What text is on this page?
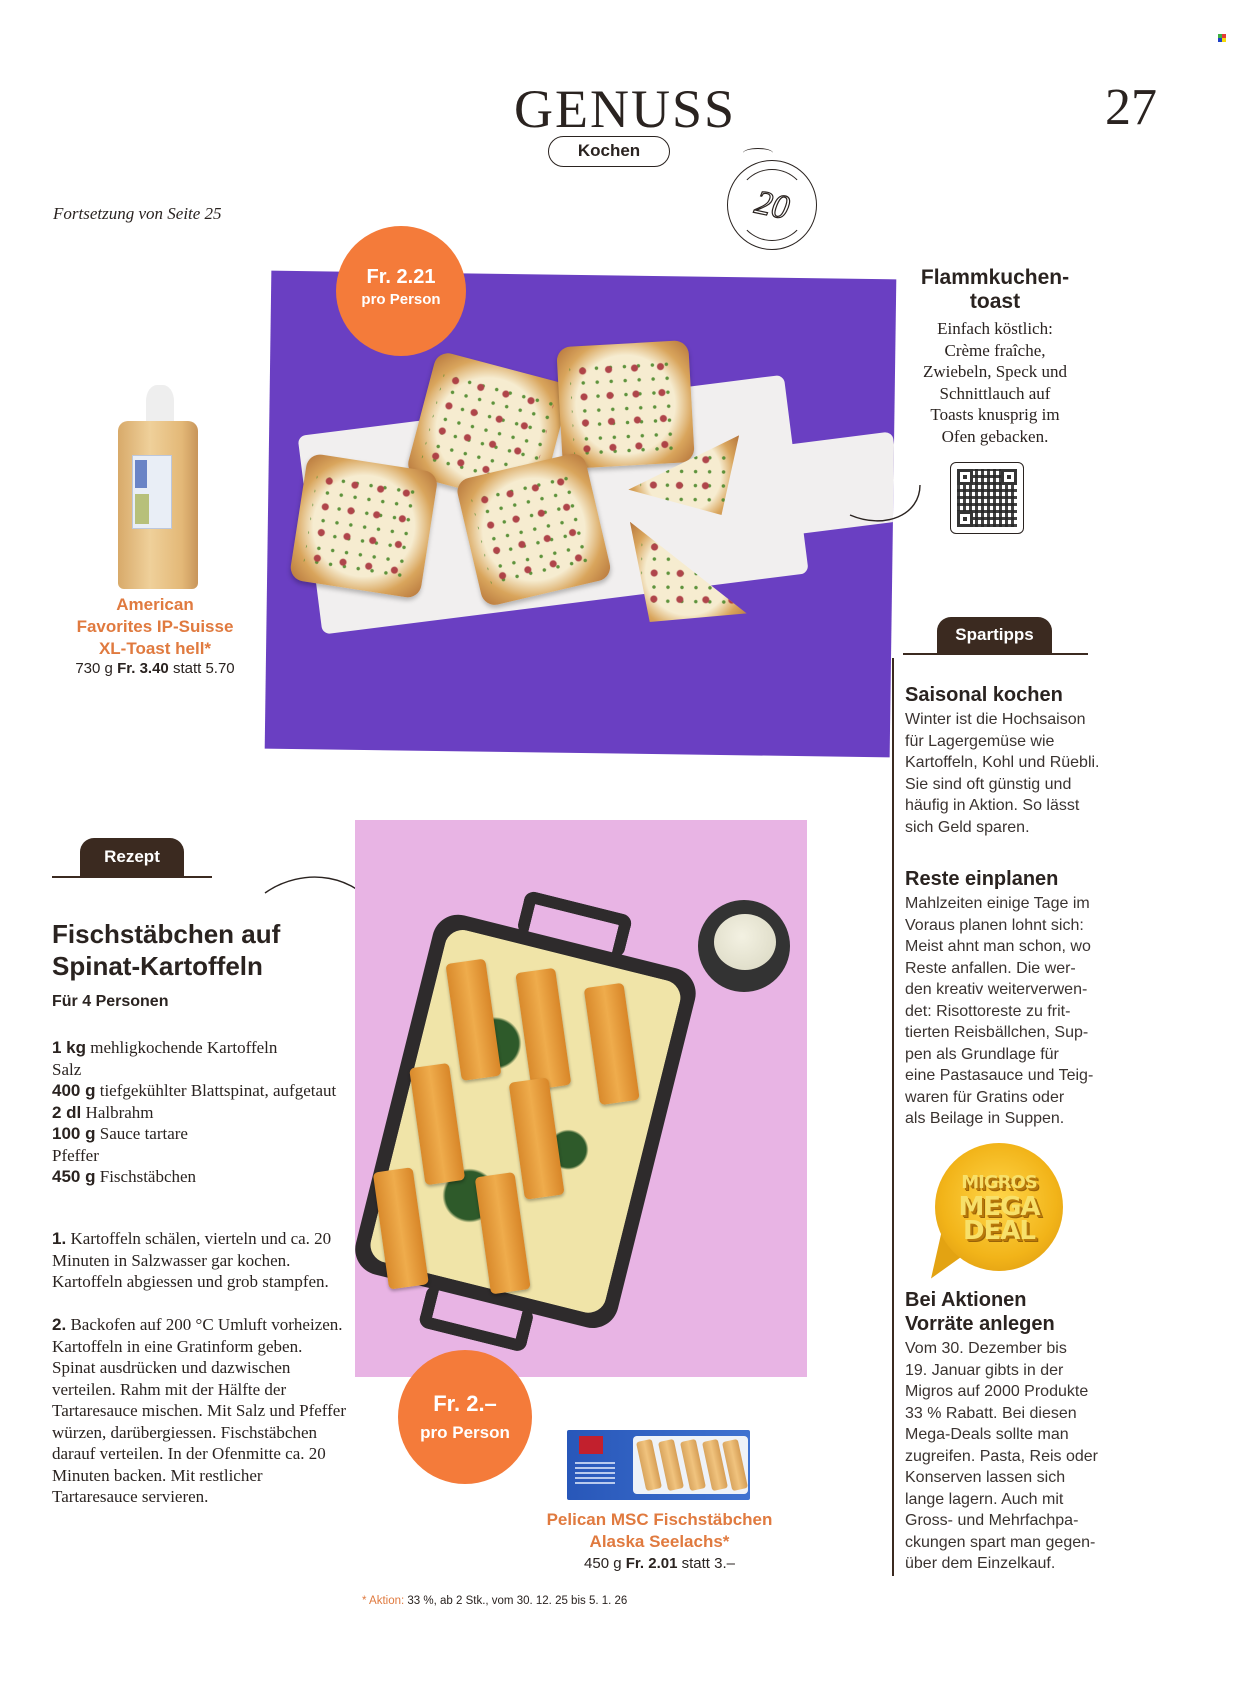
GENUSS	27
Kochen
20
Fortsetzung von Seite 25
Fr. 2.21
pro Person
American
Favorites IP-Suisse
XL-Toast hell*
730 g Fr. 3.40 statt 5.70
Flammkuchen-
toast
Einfach köstlich:
Crème fraîche,
Zwiebeln, Speck und
Schnittlauch auf
Toasts knusprig im
Ofen gebacken.
Spartipps
Saisonal kochen
Winter ist die Hochsaison
für Lagergemüse wie
Kartoffeln, Kohl und Rüebli.
Sie sind oft günstig und
häufig in Aktion. So lässt
sich Geld sparen.
Reste einplanen
Mahlzeiten einige Tage im
Voraus planen lohnt sich:
Meist ahnt man schon, wo
Reste anfallen. Die wer-
den kreativ weiterverwen-
det: Risottoreste zu frit-
tierten Reisbällchen, Sup-
pen als Grundlage für
eine Pastasauce und Teig-
waren für Gratins oder
als Beilage in Suppen.
MIGROS
MEGA
DEAL
Bei Aktionen
Vorräte anlegen
Vom 30. Dezember bis
19. Januar gibts in der
Migros auf 2000 Produkte
33 % Rabatt. Bei diesen
Mega-Deals sollte man
zugreifen. Pasta, Reis oder
Konserven lassen sich
lange lagern. Auch mit
Gross- und Mehrfachpa-
ckungen spart man gegen-
über dem Einzelkauf.
Rezept
Fischstäbchen auf
Spinat-Kartoffeln
Für 4 Personen
1 kg mehligkochende Kartoffeln
Salz
400 g tiefgekühlter Blattspinat, aufgetaut
2 dl Halbrahm
100 g Sauce tartare
Pfeffer
450 g Fischstäbchen
1. Kartoffeln schälen, vierteln und ca. 20 Minuten in Salzwasser gar kochen. Kartoffeln abgiessen und grob stampfen.
2. Backofen auf 200 °C Umluft vorheizen. Kartoffeln in eine Gratinform geben. Spinat ausdrücken und dazwischen verteilen. Rahm mit der Hälfte der Tartaresauce mischen. Mit Salz und Pfeffer würzen, darübergiessen. Fischstäbchen darauf verteilen. In der Ofenmitte ca. 20 Minuten backen. Mit restlicher Tartaresauce servieren.
Fr. 2.–
pro Person
Pelican MSC Fischstäbchen
Alaska Seelachs*
450 g Fr. 2.01 statt 3.–
* Aktion: 33 %, ab 2 Stk., vom 30. 12. 25 bis 5. 1. 26
